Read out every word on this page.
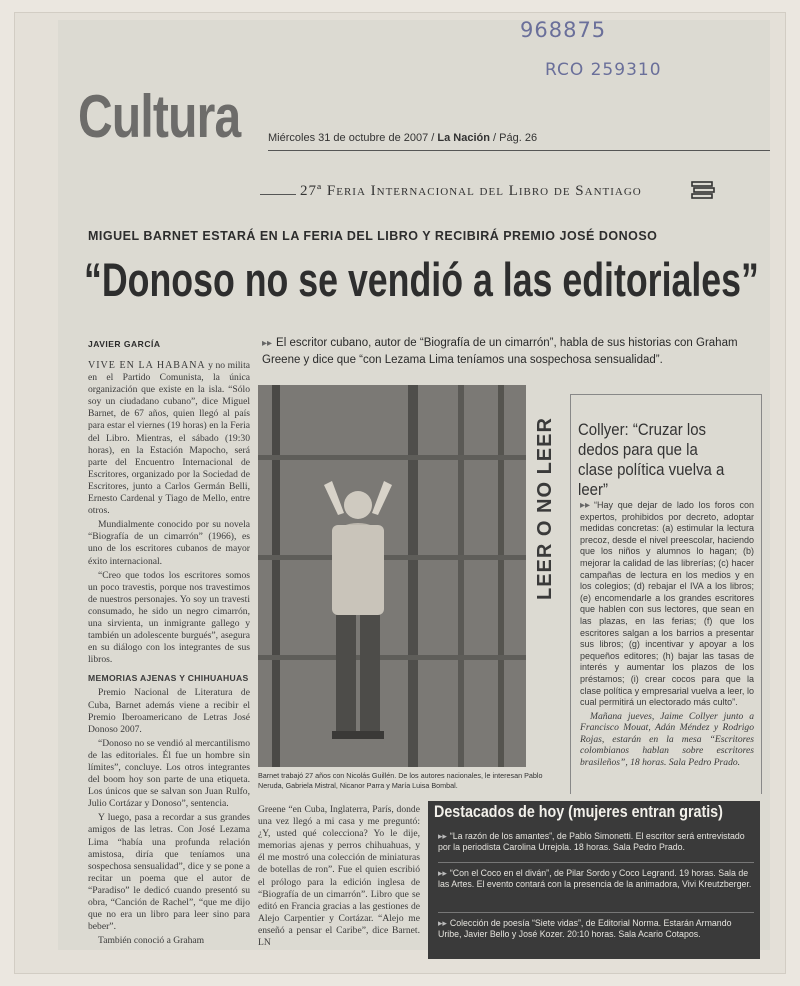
968875
RCO 259310
Cultura	Miércoles 31 de octubre de 2007 / La Nación / Pág. 26
27ª Feria Internacional del Libro de Santiago
MIGUEL BARNET ESTARÁ EN LA FERIA DEL LIBRO Y RECIBIRÁ PREMIO JOSÉ DONOSO
“Donoso no se vendió a las editoriales”
JAVIER GARCÍA	▸▸ El escritor cubano, autor de “Biografía de un cimarrón”, habla de sus historias con Graham Greene y dice que “con Lezama Lima teníamos una sospechosa sensualidad”.

VIVE EN LA HABANA y no milita en el Partido Comunista, la única organización que existe en la isla. “Sólo soy un ciudadano cubano”, dice Miguel Barnet, de 67 años, quien llegó al país para estar el viernes (19 horas) en la Feria del Libro. Mientras, el sábado (19:30 horas), en la Estación Mapocho, será parte del Encuentro Internacional de Escritores, organizado por la Sociedad de Escritores, junto a Carlos Germán Belli, Ernesto Cardenal y Tiago de Mello, entre otros.

Mundialmente conocido por su novela “Biografía de un cimarrón” (1966), es uno de los escritores cubanos de mayor éxito internacional.

“Creo que todos los escritores somos un poco travestis, porque nos travestimos de nuestros personajes. Yo soy un travesti consumado, he sido un negro cimarrón, una sirvienta, un inmigrante gallego y también un adolescente burgués”, asegura en su diálogo con los integrantes de sus libros.

MEMORIAS AJENAS Y CHIHUAHUAS

Premio Nacional de Literatura de Cuba, Barnet además viene a recibir el Premio Iberoamericano de Letras José Donoso 2007.

“Donoso no se vendió al mercantilismo de las editoriales. Él fue un hombre sin límites”, concluye. Los otros integrantes del boom hoy son parte de una etiqueta. Los únicos que se salvan son Juan Rulfo, Julio Cortázar y Donoso”, sentencia.

Y luego, pasa a recordar a sus grandes amigos de las letras. Con José Lezama Lima “había una profunda relación amistosa, diría que teníamos una sospechosa sensualidad”, dice y se pone a recitar un poema que el autor de “Paradiso” le dedicó cuando presentó su obra, “Canción de Rachel”, “que me dijo que no era un libro para leer sino para beber”.

También conoció a Graham

Barnet trabajó 27 años con Nicolás Guillén. De los autores nacionales, le interesan Pablo Neruda, Gabriela Mistral, Nicanor Parra y María Luisa Bombal.

Greene “en Cuba, Inglaterra, París, donde una vez llegó a mi casa y me preguntó: ¿Y, usted qué colecciona? Yo le dije, memorias ajenas y perros chihuahuas, y él me mostró una colección de miniaturas de botellas de ron”. Fue el quien escribió el prólogo para la edición inglesa de “Biografía de un cimarrón”. Libro que se editó en Francia gracias a las gestiones de Alejo Carpentier y Cortázar. “Alejo me enseñó a pensar el Caribe”, dice Barnet. LN

LEER O NO LEER Collyer: “Cruzar los dedos para que la clase política vuelva a leer”

▸▸ “Hay que dejar de lado los foros con expertos, prohibidos por decreto, adoptar medidas concretas: (a) estimular la lectura precoz, desde el nivel preescolar, haciendo que los niños y alumnos lo hagan; (b) mejorar la calidad de las librerías; (c) hacer campañas de lectura en los medios y en los colegios; (d) rebajar el IVA a los libros; (e) encomendarle a los grandes escritores que hablen con sus lectores, que sean en las plazas, en las ferias; (f) que los escritores salgan a los barrios a presentar sus libros; (g) incentivar y apoyar a los pequeños editores; (h) bajar las tasas de interés y aumentar los plazos de los préstamos; (i) crear cocos para que la clase política y empresarial vuelva a leer, lo cual permitirá un electorado más culto”.

Mañana jueves, Jaime Collyer junto a Francisco Mouat, Adán Méndez y Rodrigo Rojas, estarán en la mesa “Escritores colombianos hablan sobre escritores brasileños”, 18 horas. Sala Pedro Prado.

Destacados de hoy (mujeres entran gratis)
▸▸ “La razón de los amantes”, de Pablo Simonetti. El escritor será entrevistado por la periodista Carolina Urrejola. 18 horas. Sala Pedro Prado.
▸▸ “Con el Coco en el diván”, de Pilar Sordo y Coco Legrand. 19 horas. Sala de las Artes. El evento contará con la presencia de la animadora, Vivi Kreutzberger.
▸▸ Colección de poesía “Siete vidas”, de Editorial Norma. Estarán Armando Uribe, Javier Bello y José Kozer. 20:10 horas. Sala Acario Cotapos.
